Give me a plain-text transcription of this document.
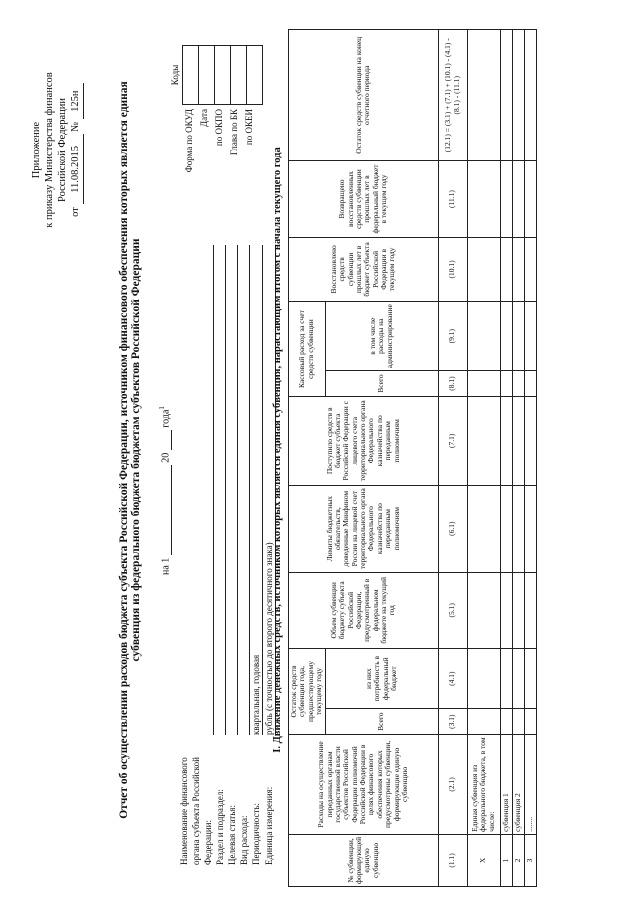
Приложение к приказу Министерства финансов Российской Федерации
от 11.08.2015 № 125н	Отчет об осуществлении расходов бюджета субъекта Российской Федерации, источником финансового обеспечения которых является единая субвенция из федерального бюджета бюджетам субъектов Российской Федерации на 1   20   года$^1$
Коды
Форма по ОКУД Дата по ОКПО Глава по БК по ОКЕИ

Наименование финансового органа субъекта Российской Федерации: Раздел и подраздел: Целевая статья: Вид расхода: Периодичность:
квартальная, годовая
Единица измерения:
рубль (с точностью до второго десятичного знака)
I. Движение денежных средств, источником которых является единая субвенция, нарастающим итогом с начала текущего года
№ субвенции, формирующей единую субвенцию	Расходы на осуществление переданных органам государственной власти субъектов Российской Федерации полномочий Российской Федерации в целях финансового обеспечения которых предусмотрены субвенции, формирующие единую субвенцию	Остаток средств субвенции года, предшествующему текущему году		Объем субвенции бюджету субъекта Российской Федерации, предусмотренный в федеральном бюджете на текущий год	Лимиты бюджетных обязательств, доведенные Минфином России на лицевой счет территориального органа Федерального казначейства по переданным полномочиям	Поступило средств в бюджет субъекта Российской Федерации с лицевого счета территориального органа Федерального казначейства по переданным полномочиям	Кассовый расход за счет средств субвенции		Восстановлено средств субвенции прошлых лет в бюджет субъекта Российской Федерации в текущем году	Возвращено восстановленных средств субвенции прошлых лет в федеральный бюджет в текущем году	Остаток средств субвенции на конец отчетного периода
		Всего	из них потребность в федеральный бюджет				Всего	в том числе расходы на администрирование			
(1.1)	(2.1)	(3.1)	(4.1)	(5.1)	(6.1)	(7.1)	(8.1)	(9.1)	(10.1)	(11.1)	(12.1) = (3.1) + (7.1) + (10.1) - (4.1) - (8.1) - (11.1)
X	Единая субвенция из федерального бюджета, в том числе:										
1	субвенция 1										
2	субвенция 2										
3	........										
